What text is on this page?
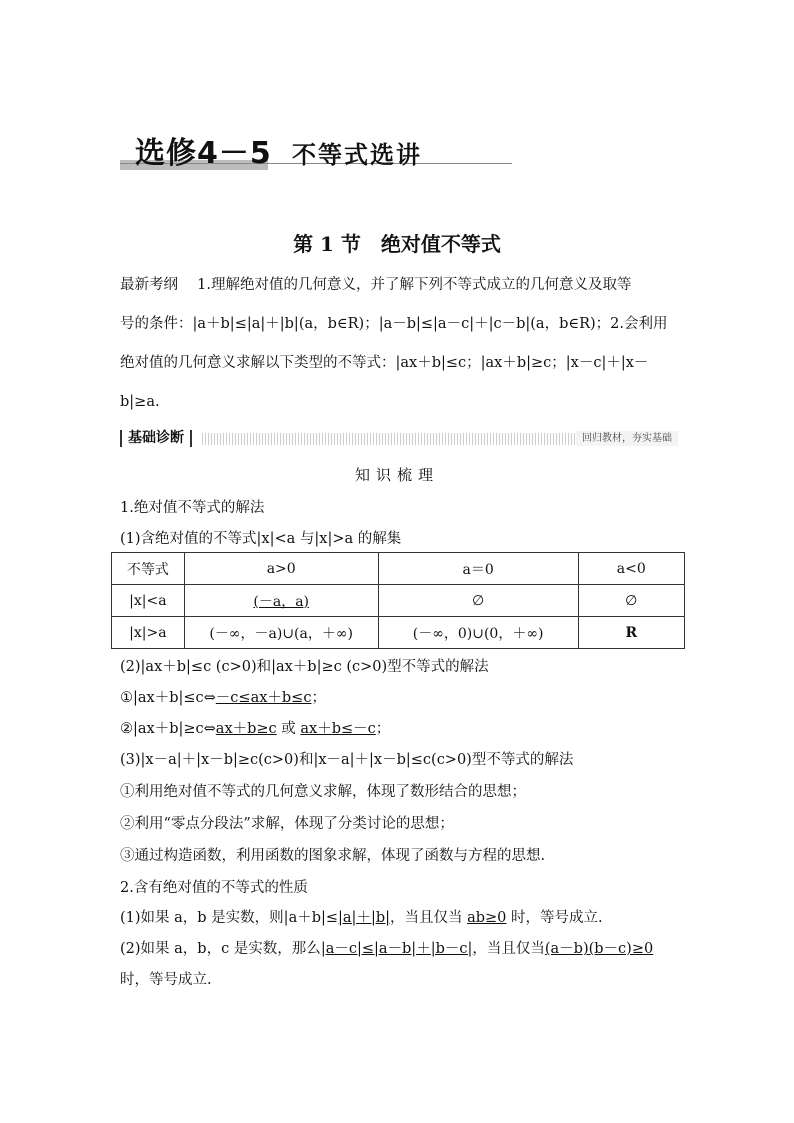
选修4－5 不等式选讲
第 1 节　绝对值不等式
最新考纲　 1.理解绝对值的几何意义，并了解下列不等式成立的几何意义及取等
号的条件：|a＋b|≤|a|＋|b|(a，b∈R)；|a－b|≤|a－c|＋|c－b|(a，b∈R)；2.会利用
绝对值的几何意义求解以下类型的不等式：|ax＋b|≤c；|ax＋b|≥c；|x－c|＋|x－
b|≥a.
基础诊断	回归教材，夯实基础
知识梳理
1.绝对值不等式的解法
(1)含绝对值的不等式|x|<a 与|x|>a 的解集
不等式	a>0	a＝0	a<0
|x|<a	(－a，a)	∅	∅
|x|>a	(－∞，－a)∪(a，＋∞)	(－∞，0)∪(0，＋∞)	R
(2)|ax＋b|≤c (c>0)和|ax＋b|≥c (c>0)型不等式的解法
①|ax＋b|≤c⇔－c≤ax＋b≤c；
②|ax＋b|≥c⇔ax＋b≥c 或 ax＋b≤－c；
(3)|x－a|＋|x－b|≥c(c>0)和|x－a|＋|x－b|≤c(c>0)型不等式的解法
①利用绝对值不等式的几何意义求解，体现了数形结合的思想；
②利用“零点分段法”求解，体现了分类讨论的思想；
③通过构造函数，利用函数的图象求解，体现了函数与方程的思想.
2.含有绝对值的不等式的性质
(1)如果 a，b 是实数，则|a＋b|≤|a|＋|b|，当且仅当 ab≥0 时，等号成立.
(2)如果 a，b，c 是实数，那么|a－c|≤|a－b|＋|b－c|，当且仅当(a－b)(b－c)≥0
时，等号成立.
